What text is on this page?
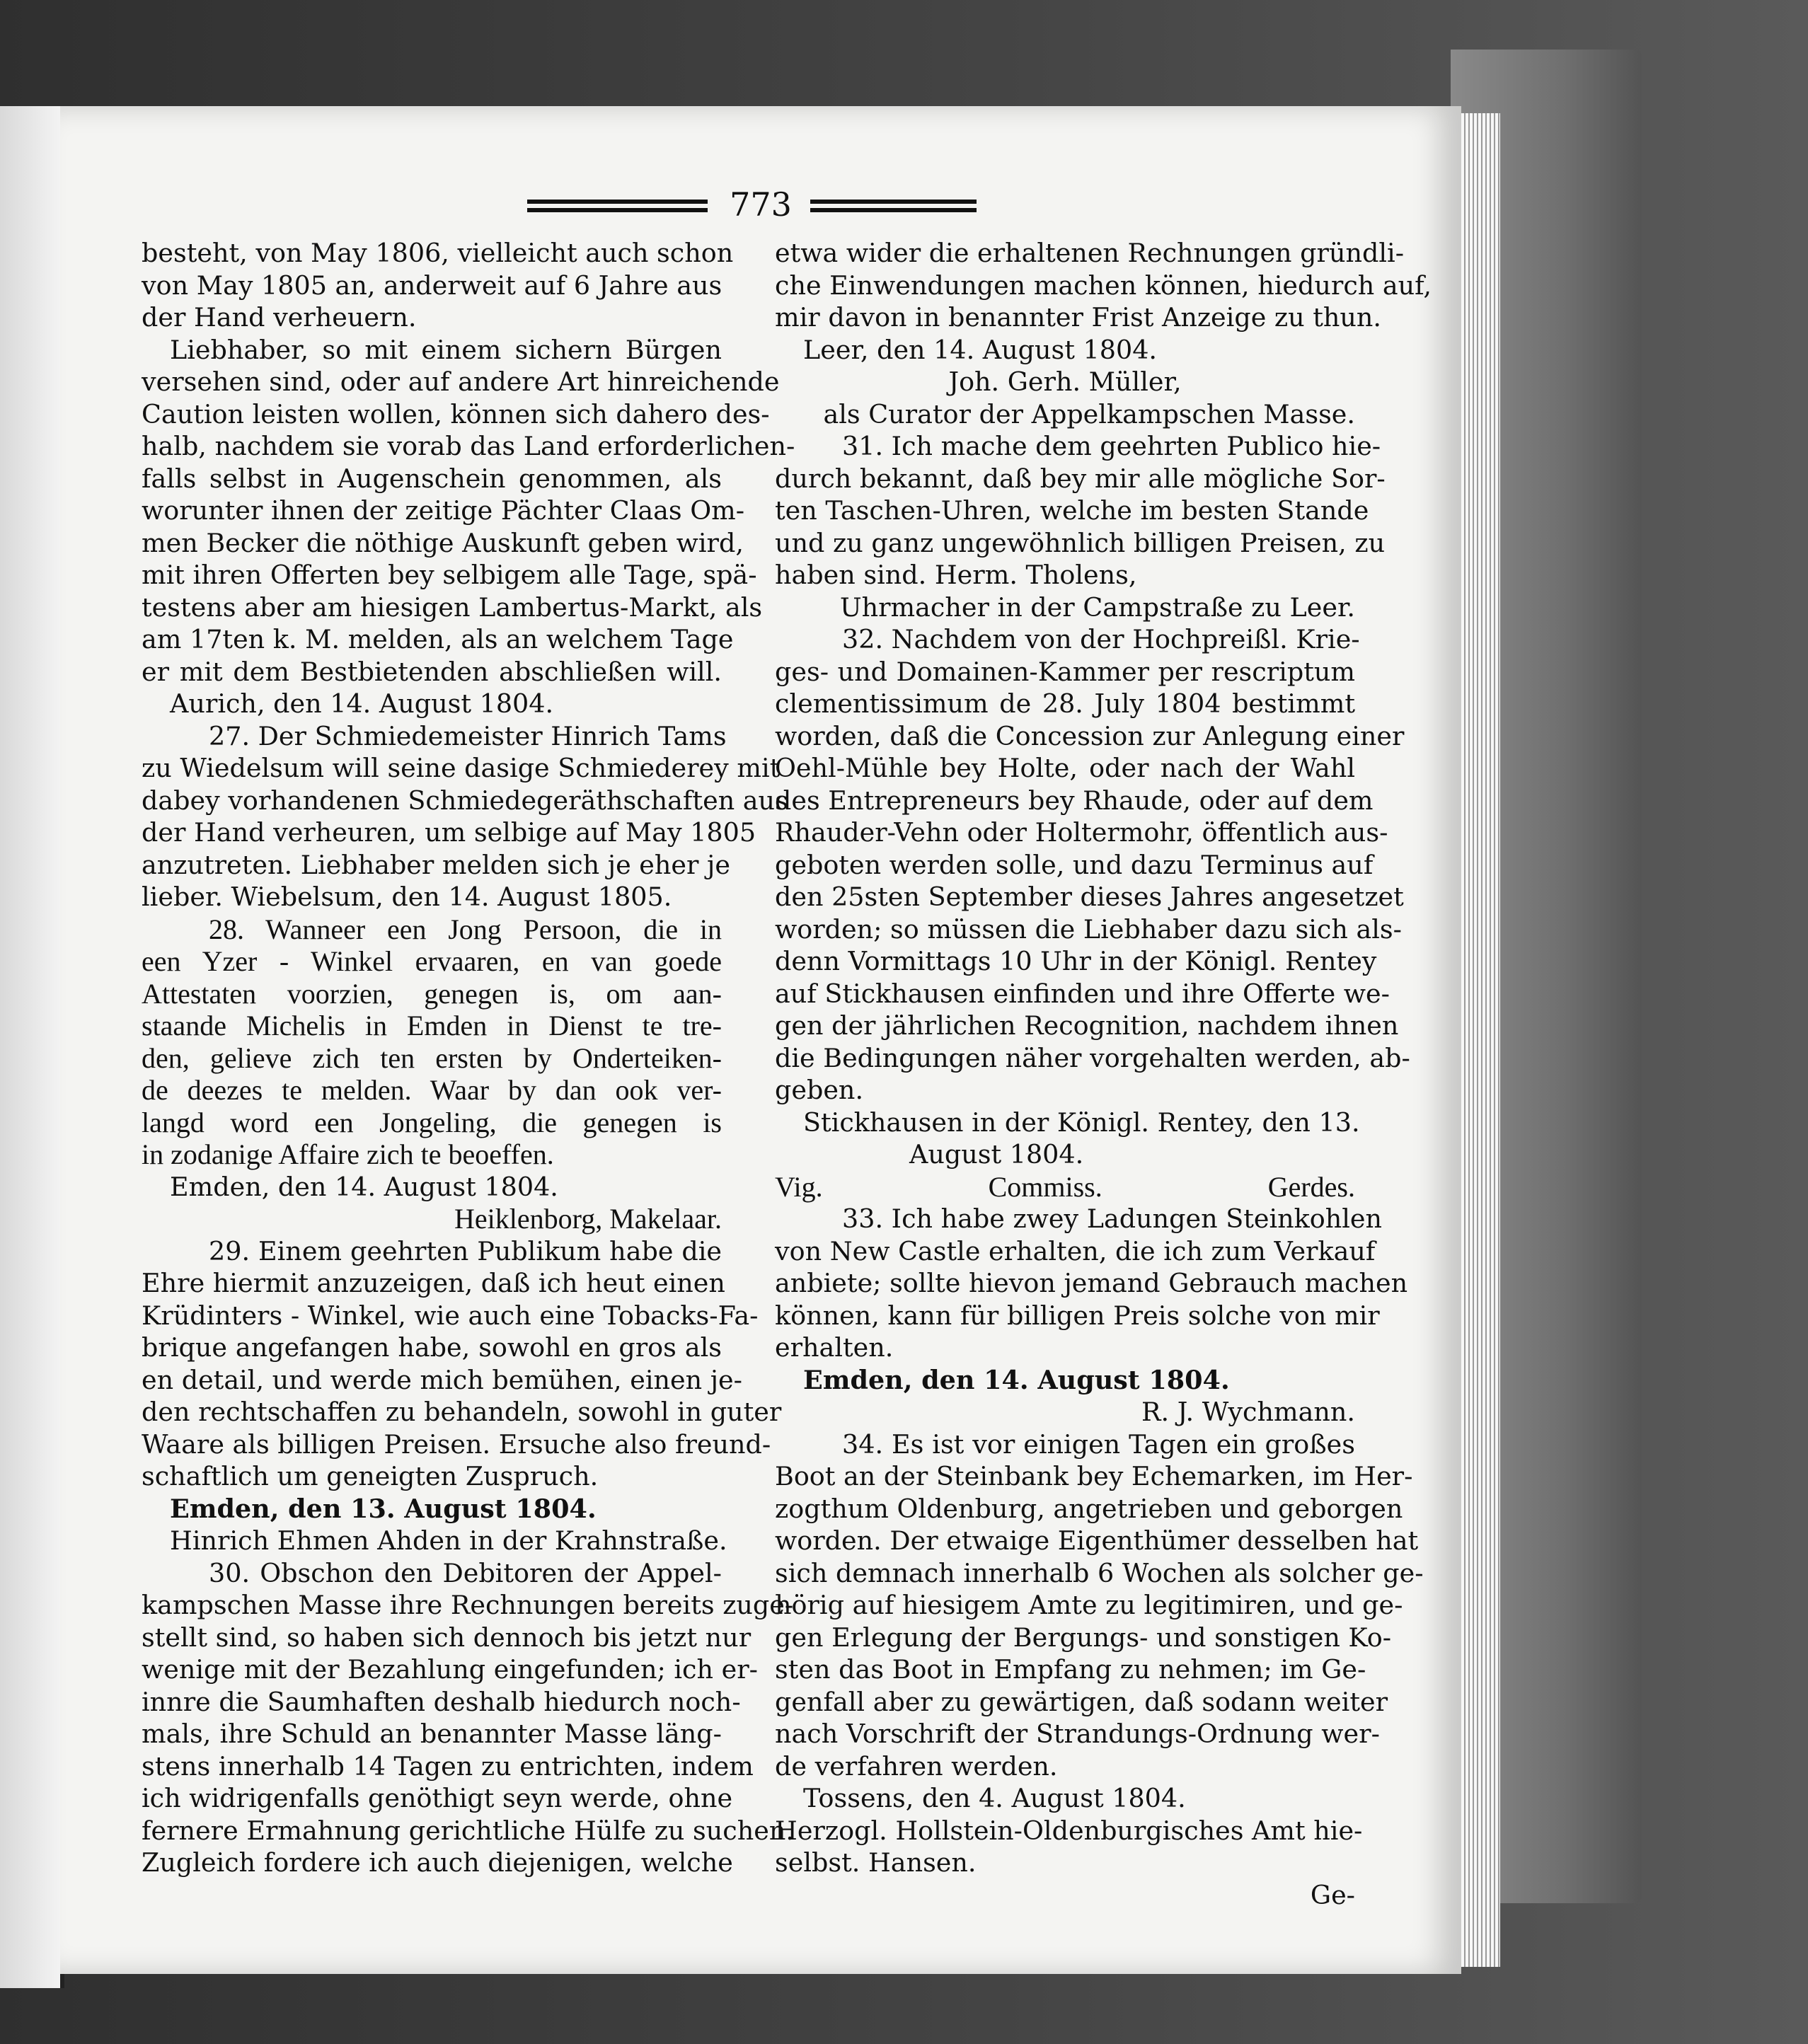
773
besteht, von May 1806, vielleicht auch schon
von May 1805 an, anderweit auf 6 Jahre aus
der Hand verheuern.
Liebhaber, so mit einem sichern Bürgen
versehen sind, oder auf andere Art hinreichende
Caution leisten wollen, können sich dahero des-
halb, nachdem sie vorab das Land erforderlichen-
falls selbst in Augenschein genommen, als
worunter ihnen der zeitige Pächter Claas Om-
men Becker die nöthige Auskunft geben wird,
mit ihren Offerten bey selbigem alle Tage, spä-
testens aber am hiesigen Lambertus-Markt, als
am 17ten k. M. melden, als an welchem Tage
er mit dem Bestbietenden abschließen will.
Aurich, den 14. August 1804.
27. Der Schmiedemeister Hinrich Tams
zu Wiedelsum will seine dasige Schmiederey mit
dabey vorhandenen Schmiedegeräthschaften aus
der Hand verheuren, um selbige auf May 1805
anzutreten. Liebhaber melden sich je eher je
lieber. Wiebelsum, den 14. August 1805.
28. Wanneer een Jong Persoon, die in
een Yzer - Winkel ervaaren, en van goede
Attestaten voorzien, genegen is, om aan-
staande Michelis in Emden in Dienst te tre-
den, gelieve zich ten ersten by Onderteiken-
de deezes te melden. Waar by dan ook ver-
langd word een Jongeling, die genegen is
in zodanige Affaire zich te beoeffen.
Emden, den 14. August 1804.
Heiklenborg, Makelaar.
29. Einem geehrten Publikum habe die
Ehre hiermit anzuzeigen, daß ich heut einen
Krüdinters - Winkel, wie auch eine Tobacks-Fa-
brique angefangen habe, sowohl en gros als
en detail, und werde mich bemühen, einen je-
den rechtschaffen zu behandeln, sowohl in guter
Waare als billigen Preisen. Ersuche also freund-
schaftlich um geneigten Zuspruch.
Emden, den 13. August 1804.
Hinrich Ehmen Ahden in der Krahnstraße.
30. Obschon den Debitoren der Appel-
kampschen Masse ihre Rechnungen bereits zuge-
stellt sind, so haben sich dennoch bis jetzt nur
wenige mit der Bezahlung eingefunden; ich er-
innre die Saumhaften deshalb hiedurch noch-
mals, ihre Schuld an benannter Masse läng-
stens innerhalb 14 Tagen zu entrichten, indem
ich widrigenfalls genöthigt seyn werde, ohne
fernere Ermahnung gerichtliche Hülfe zu suchen.
Zugleich fordere ich auch diejenigen, welche
etwa wider die erhaltenen Rechnungen gründli-
che Einwendungen machen können, hiedurch auf,
mir davon in benannter Frist Anzeige zu thun.
Leer, den 14. August 1804.
Joh. Gerh. Müller,
als Curator der Appelkampschen Masse.
31. Ich mache dem geehrten Publico hie-
durch bekannt, daß bey mir alle mögliche Sor-
ten Taschen-Uhren, welche im besten Stande
und zu ganz ungewöhnlich billigen Preisen, zu
haben sind. Herm. Tholens,
Uhrmacher in der Campstraße zu Leer.
32. Nachdem von der Hochpreißl. Krie-
ges- und Domainen-Kammer per rescriptum
clementissimum de 28. July 1804 bestimmt
worden, daß die Concession zur Anlegung einer
Oehl-Mühle bey Holte, oder nach der Wahl
des Entrepreneurs bey Rhaude, oder auf dem
Rhauder-Vehn oder Holtermohr, öffentlich aus-
geboten werden solle, und dazu Terminus auf
den 25sten September dieses Jahres angesetzet
worden; so müssen die Liebhaber dazu sich als-
denn Vormittags 10 Uhr in der Königl. Rentey
auf Stickhausen einfinden und ihre Offerte we-
gen der jährlichen Recognition, nachdem ihnen
die Bedingungen näher vorgehalten werden, ab-
geben.
Stickhausen in der Königl. Rentey, den 13.
August 1804.
Vig. Commiss. Gerdes.
33. Ich habe zwey Ladungen Steinkohlen
von New Castle erhalten, die ich zum Verkauf
anbiete; sollte hievon jemand Gebrauch machen
können, kann für billigen Preis solche von mir
erhalten.
Emden, den 14. August 1804.
R. J. Wychmann.
34. Es ist vor einigen Tagen ein großes
Boot an der Steinbank bey Echemarken, im Her-
zogthum Oldenburg, angetrieben und geborgen
worden. Der etwaige Eigenthümer desselben hat
sich demnach innerhalb 6 Wochen als solcher ge-
hörig auf hiesigem Amte zu legitimiren, und ge-
gen Erlegung der Bergungs- und sonstigen Ko-
sten das Boot in Empfang zu nehmen; im Ge-
genfall aber zu gewärtigen, daß sodann weiter
nach Vorschrift der Strandungs-Ordnung wer-
de verfahren werden.
Tossens, den 4. August 1804.
Herzogl. Hollstein-Oldenburgisches Amt hie-
selbst. Hansen.
Ge-
